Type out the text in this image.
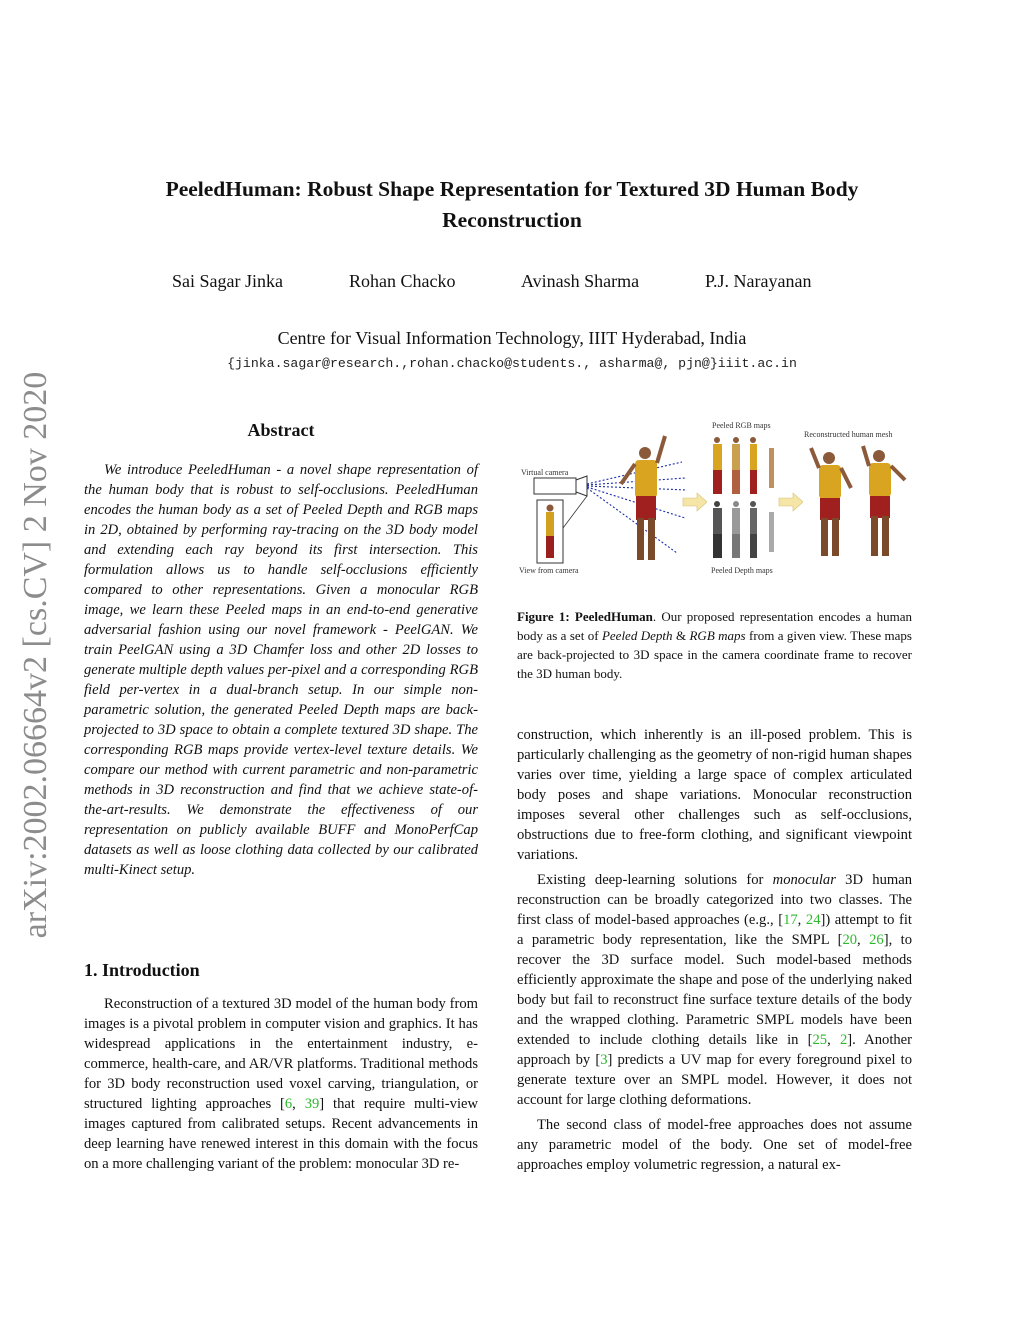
arXiv:2002.06664v2 [cs.CV] 2 Nov 2020
PeeledHuman: Robust Shape Representation for Textured 3D Human Body
Reconstruction
Sai Sagar Jinka	Rohan Chacko	Avinash Sharma	P.J. Narayanan
Centre for Visual Information Technology, IIIT Hyderabad, India
{jinka.sagar@research.,rohan.chacko@students., asharma@, pjn@}iiit.ac.in
Abstract
We introduce PeeledHuman - a novel shape representation of the human body that is robust to self-occlusions. PeeledHuman encodes the human body as a set of Peeled Depth and RGB maps in 2D, obtained by performing ray-tracing on the 3D body model and extending each ray beyond its first intersection. This formulation allows us to handle self-occlusions efficiently compared to other representations. Given a monocular RGB image, we learn these Peeled maps in an end-to-end generative adversarial fashion using our novel framework - PeelGAN. We train PeelGAN using a 3D Chamfer loss and other 2D losses to generate multiple depth values per-pixel and a corresponding RGB field per-vertex in a dual-branch setup. In our simple non-parametric solution, the generated Peeled Depth maps are back-projected to 3D space to obtain a complete textured 3D shape. The corresponding RGB maps provide vertex-level texture details. We compare our method with current parametric and non-parametric methods in 3D reconstruction and find that we achieve state-of-the-art-results. We demonstrate the effectiveness of our representation on publicly available BUFF and MonoPerfCap datasets as well as loose clothing data collected by our calibrated multi-Kinect setup.
Peeled RGB maps
Reconstructed human mesh
Virtual camera
View from camera	Peeled Depth maps
Figure 1: PeeledHuman. Our proposed representation encodes a human body as a set of Peeled Depth & RGB maps from a given view. These maps are back-projected to 3D space in the camera coordinate frame to recover the 3D human body.
1. Introduction
Reconstruction of a textured 3D model of the human body from images is a pivotal problem in computer vision and graphics. It has widespread applications in the entertainment industry, e-commerce, health-care, and AR/VR platforms. Traditional methods for 3D body reconstruction used voxel carving, triangulation, or structured lighting approaches [6, 39] that require multi-view images captured from calibrated setups. Recent advancements in deep learning have renewed interest in this domain with the focus on a more challenging variant of the problem: monocular 3D re-

construction, which inherently is an ill-posed problem. This is particularly challenging as the geometry of non-rigid human shapes varies over time, yielding a large space of complex articulated body poses and shape variations. Monocular reconstruction imposes several other challenges such as self-occlusions, obstructions due to free-form clothing, and significant viewpoint variations.

Existing deep-learning solutions for monocular 3D human reconstruction can be broadly categorized into two classes. The first class of model-based approaches (e.g., [17, 24]) attempt to fit a parametric body representation, like the SMPL [20, 26], to recover the 3D surface model. Such model-based methods efficiently approximate the shape and pose of the underlying naked body but fail to reconstruct fine surface texture details of the body and the wrapped clothing. Parametric SMPL models have been extended to include clothing details like in [25, 2]. Another approach by [3] predicts a UV map for every foreground pixel to generate texture over an SMPL model. However, it does not account for large clothing deformations.

The second class of model-free approaches does not assume any parametric model of the body. One set of model-free approaches employ volumetric regression, a natural ex-
